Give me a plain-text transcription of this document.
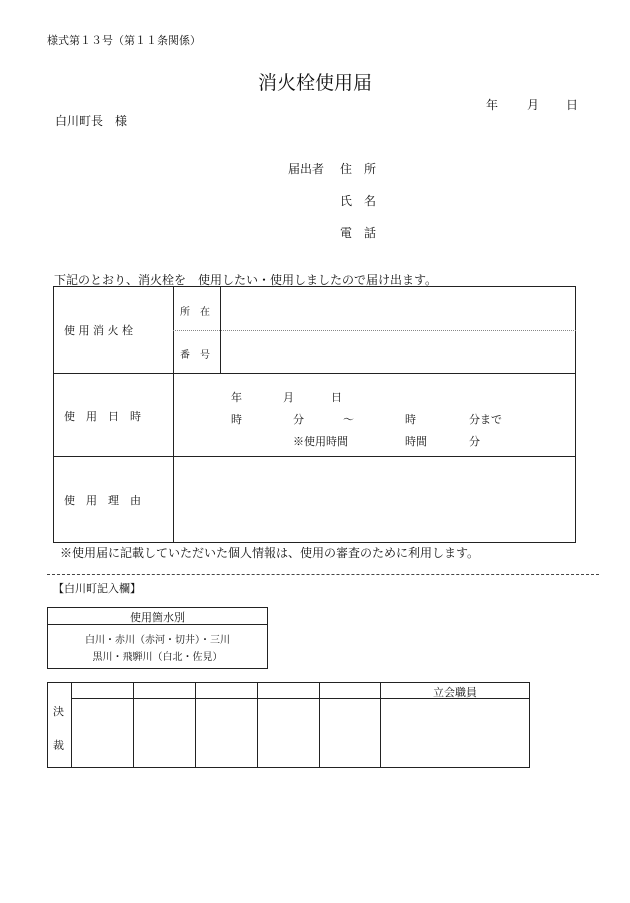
様式第１３号（第１１条関係）
消火栓使用届
年 月 日
白川町長　様
届出者 住　所
氏　名
電　話
下記のとおり、消火栓を　使用したい・使用しましたので届け出ます。
使 用 消 火 栓
所　在
番　号
使　用　日　時
年	月	日
時	分	～	時	分まで
※使用時間	時間	分
使　用　理　由
※使用届に記載していただいた個人情報は、使用の審査のために利用します。
【白川町記入欄】
使用箇水別
白川・赤川（赤河・切井）・三川
黒川・飛騨川（白北・佐見）
決
裁
立会職員
